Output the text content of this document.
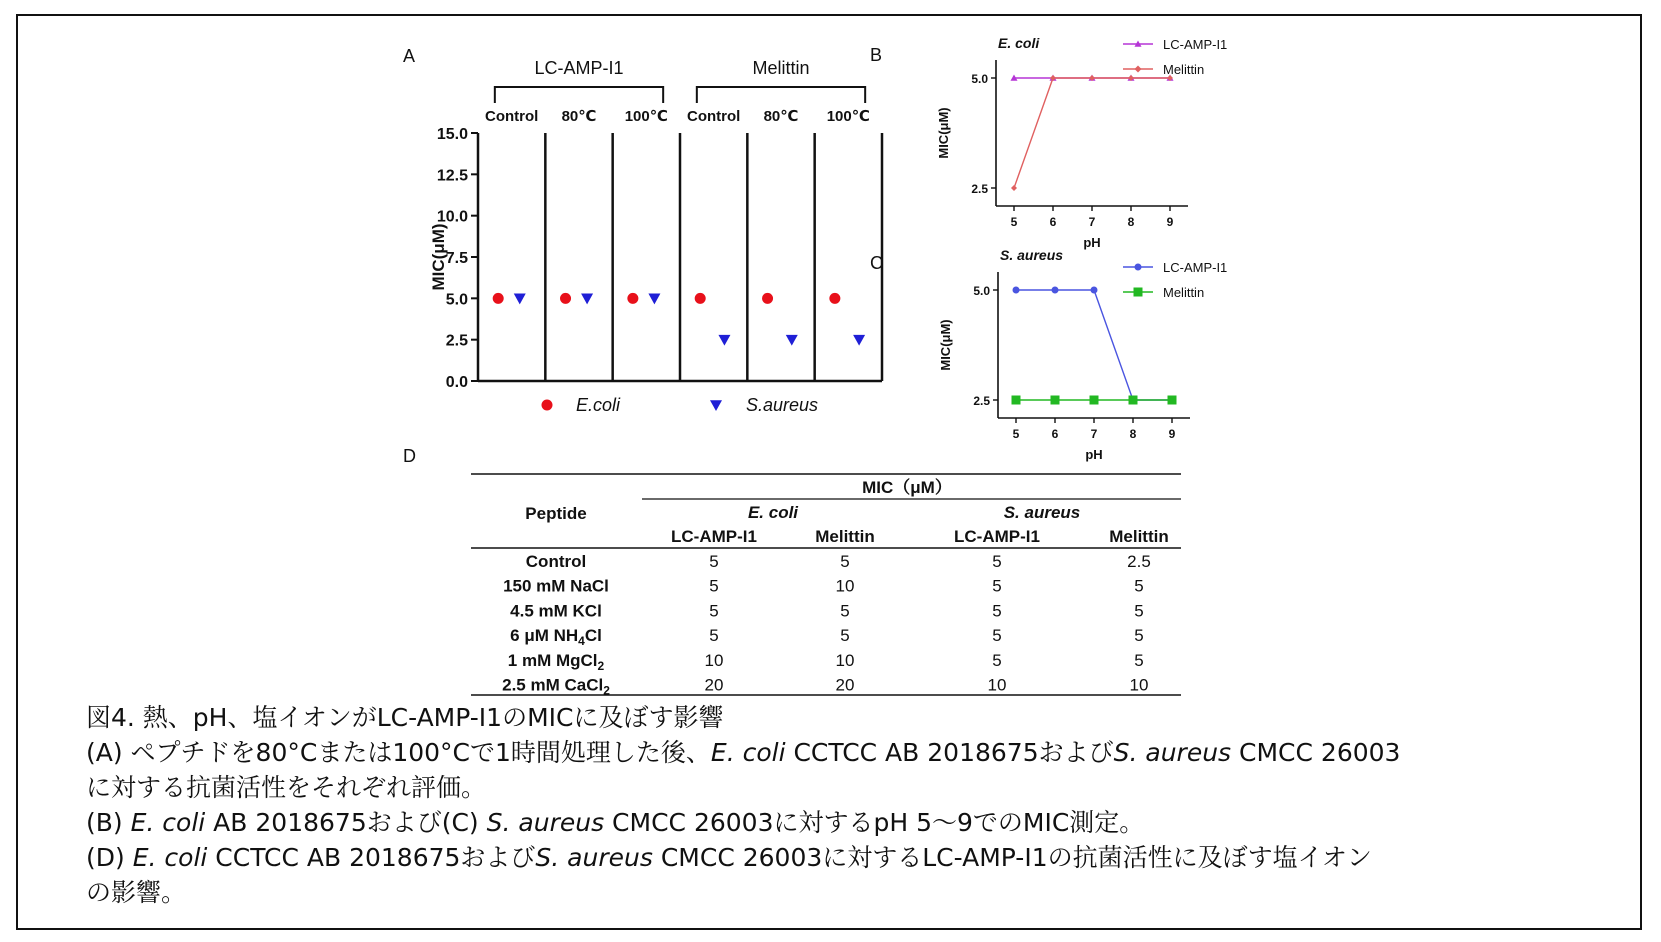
A	B
C
D
0.0
2.5
5.0
7.5
10.0
12.5
15.0
MIC(μM)
Control 80℃ 100℃ Control 80℃ 100℃
LC-AMP-I1	Melittin
E.coli	S.aureus
2.5
5.0
5	6	7	8	9
pH
MIC(μM)
E. coli	LC-AMP-I1
Melittin
2.5
5.0
5	6	7	8	9
pH
MIC(μM)
S. aureus
LC-AMP-I1
Melittin
MIC（μM）
Peptide	E. coli	S. aureus
LC-AMP-I1	Melittin	LC-AMP-I1	Melittin
Control	5	5	5	2.5
150 mM NaCl	5	10	5	5
4.5 mM KCl	5	5	5	5
6 μM $NH_4Cl$	5	5	5	5
1 mM MgCl$_2$	10	10	5	5
2.5 mM CaCl$_2$	20	20	10	10
図4. 熱、pH、塩イオンがLC-AMP-I1のMICに及ぼす影響
(A) ペプチドを80°Cまたは100°Cで1時間処理した後、E. coli CCTCC AB 2018675およびS. aureus CMCC 26003
に対する抗菌活性をそれぞれ評価。
(B) E. coli AB 2018675および(C) S. aureus CMCC 26003に対するpH 5〜9でのMIC測定。
(D) E. coli CCTCC AB 2018675およびS. aureus CMCC 26003に対するLC-AMP-I1の抗菌活性に及ぼす塩イオン
の影響。
